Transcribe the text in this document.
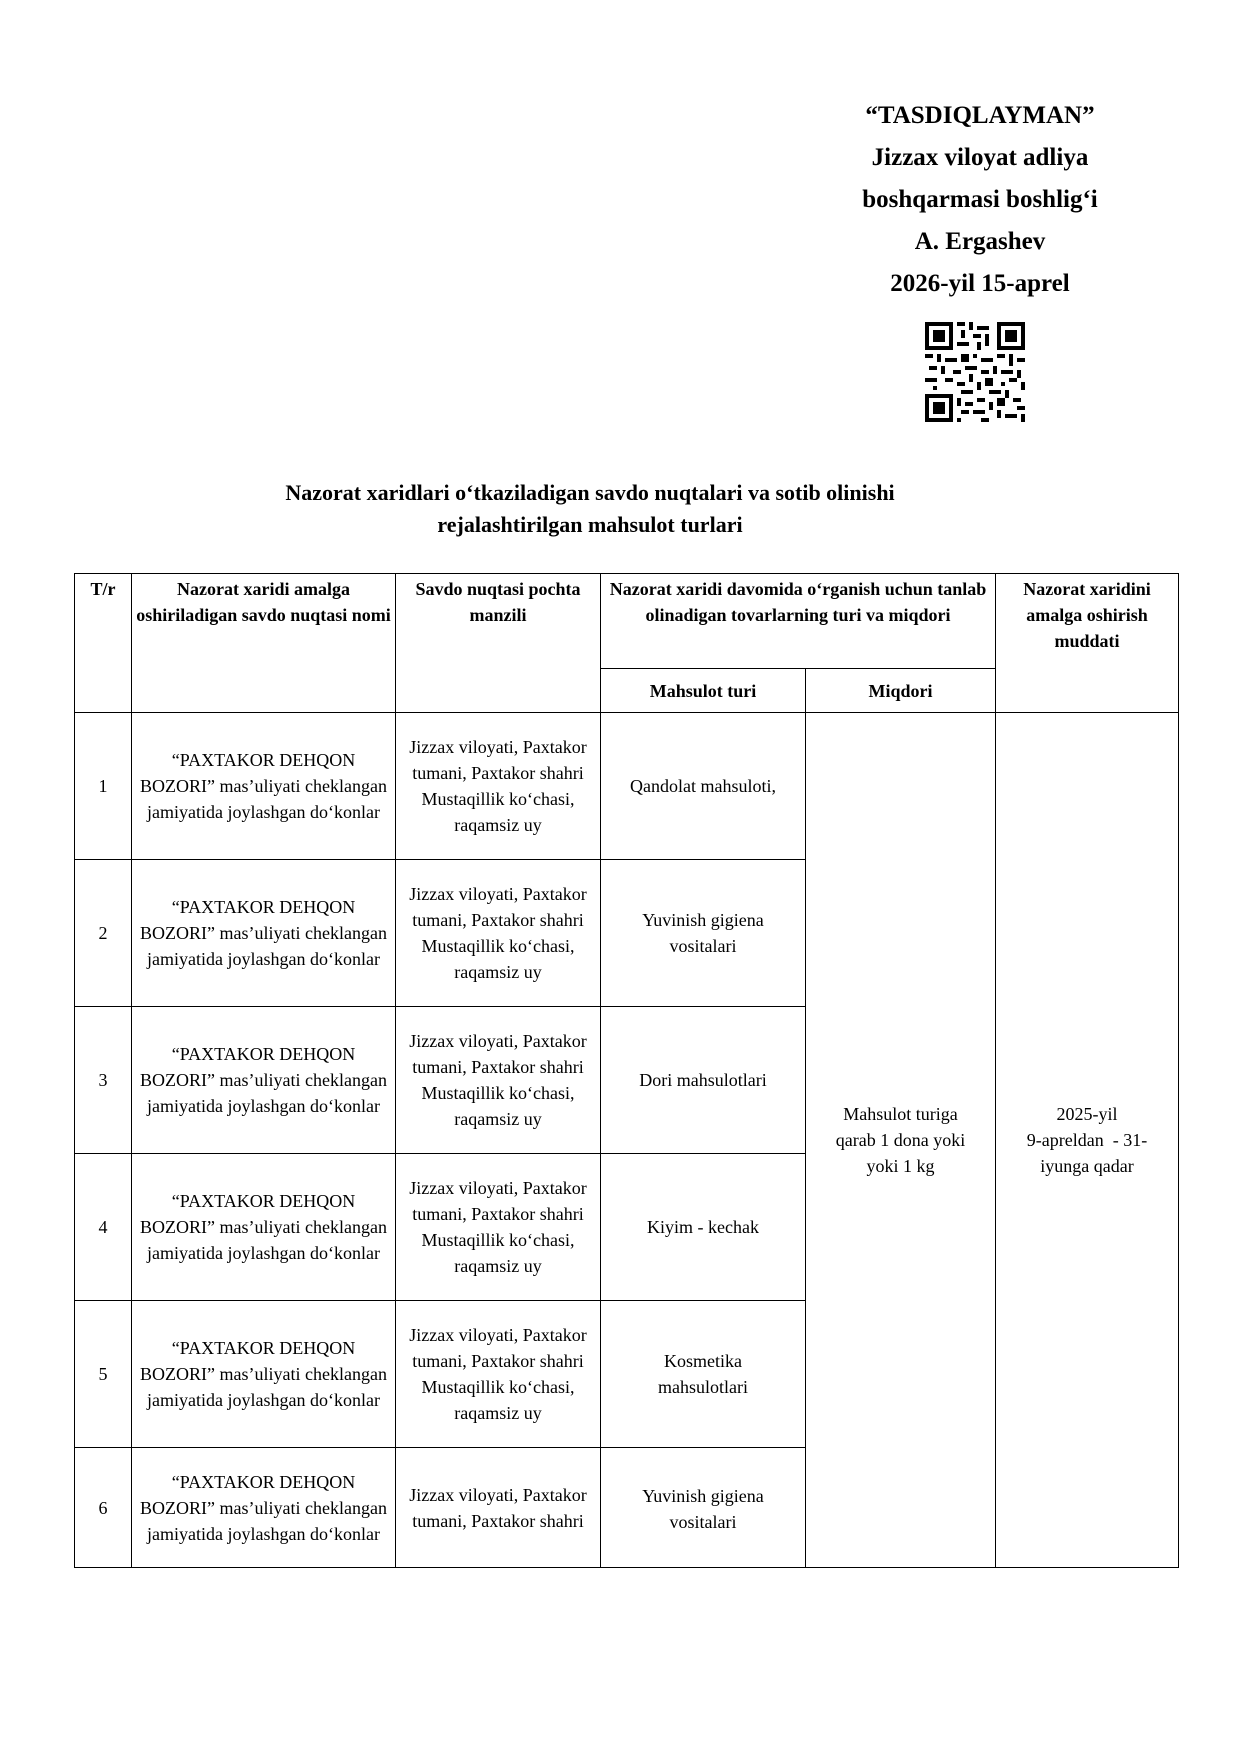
“TASDIQLAYMAN”
Jizzax viloyat adliya
boshqarmasi boshlig‘i
A. Ergashev
2026-yil 15-aprel
Nazorat xaridlari o‘tkaziladigan savdo nuqtalari va sotib olinishi
rejalashtirilgan mahsulot turlari
T/r	Nazorat xaridi amalga oshiriladigan savdo nuqtasi nomi	Savdo nuqtasi pochta manzili	Nazorat xaridi davomida o‘rganish uchun tanlab olinadigan tovarlarning turi va miqdori		Nazorat xaridini amalga oshirish muddati
			Mahsulot turi	Miqdori	
1	“PAXTAKOR DEHQON BOZORI” mas’uliyati cheklangan jamiyatida joylashgan do‘konlar	Jizzax viloyati, Paxtakor tumani, Paxtakor shahri Mustaqillik ko‘chasi, raqamsiz uy	Qandolat mahsuloti,	Mahsulot turiga qarab 1 dona yoki yoki 1 kg	2025-yil
9-apreldan  - 31-
iyunga qadar

2	“PAXTAKOR DEHQON BOZORI” mas’uliyati cheklangan jamiyatida joylashgan do‘konlar	Jizzax viloyati, Paxtakor tumani, Paxtakor shahri Mustaqillik ko‘chasi, raqamsiz uy	Yuvinish gigiena vositalari		
3	“PAXTAKOR DEHQON BOZORI” mas’uliyati cheklangan jamiyatida joylashgan do‘konlar	Jizzax viloyati, Paxtakor tumani, Paxtakor shahri Mustaqillik ko‘chasi, raqamsiz uy	Dori mahsulotlari		
4	“PAXTAKOR DEHQON BOZORI” mas’uliyati cheklangan jamiyatida joylashgan do‘konlar	Jizzax viloyati, Paxtakor tumani, Paxtakor shahri Mustaqillik ko‘chasi, raqamsiz uy	Kiyim - kechak		
5	“PAXTAKOR DEHQON BOZORI” mas’uliyati cheklangan jamiyatida joylashgan do‘konlar	Jizzax viloyati, Paxtakor tumani, Paxtakor shahri Mustaqillik ko‘chasi, raqamsiz uy	Kosmetika mahsulotlari		
6	“PAXTAKOR DEHQON BOZORI” mas’uliyati cheklangan jamiyatida joylashgan do‘konlar	Jizzax viloyati, Paxtakor tumani, Paxtakor shahri	Yuvinish gigiena vositalari		
